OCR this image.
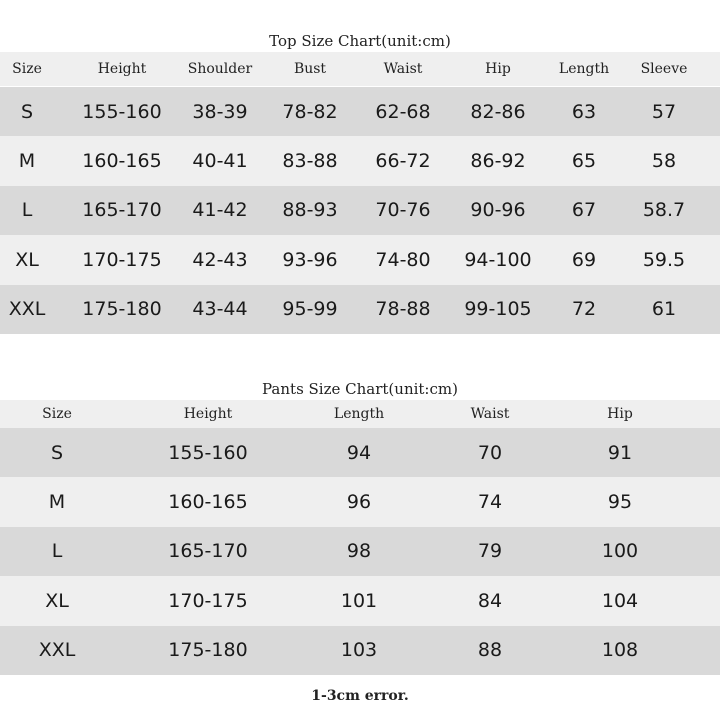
Top Size Chart(unit:cm)
Size	Height	Shoulder	Bust	Waist	Hip	Length	Sleeve
S	155-160	38-39	78-82	62-68	82-86	63	57
M	160-165	40-41	83-88	66-72	86-92	65	58
L	165-170	41-42	88-93	70-76	90-96	67	58.7
XL	170-175	42-43	93-96	74-80	94-100	69	59.5
XXL	175-180	43-44	95-99	78-88	99-105	72	61
Pants Size Chart(unit:cm)
Size	Height	Length	Waist	Hip
S	155-160	94	70	91
M	160-165	96	74	95
L	165-170	98	79	100
XL	170-175	101	84	104
XXL	175-180	103	88	108
1-3cm error.
